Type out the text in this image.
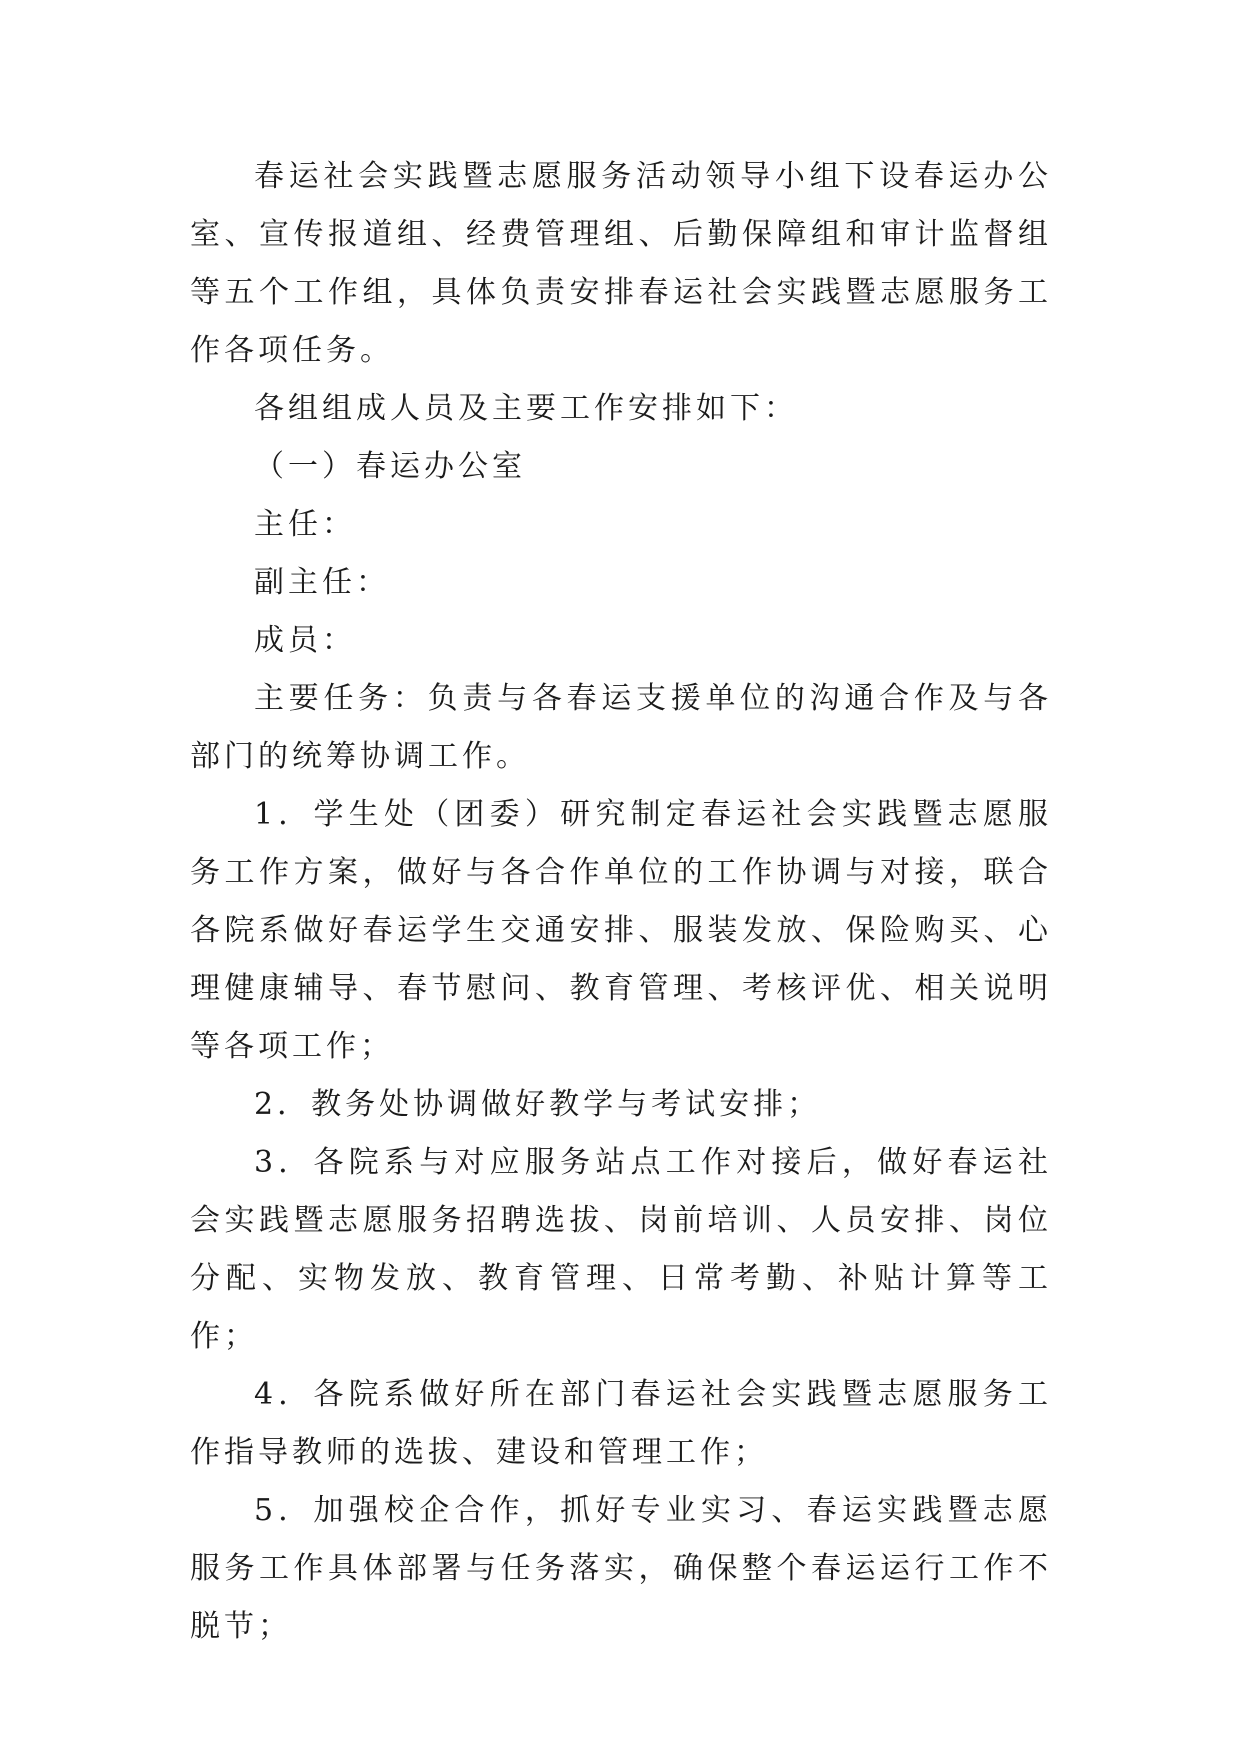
春运社会实践暨志愿服务活动领导小组下设春运办公室、宣传报道组、经费管理组、后勤保障组和审计监督组等五个工作组，具体负责安排春运社会实践暨志愿服务工作各项任务。

各组组成人员及主要工作安排如下：

（一）春运办公室

主任：

副主任：

成员：

主要任务：负责与各春运支援单位的沟通合作及与各部门的统筹协调工作。

1．学生处（团委）研究制定春运社会实践暨志愿服务工作方案，做好与各合作单位的工作协调与对接，联合各院系做好春运学生交通安排、服装发放、保险购买、心理健康辅导、春节慰问、教育管理、考核评优、相关说明等各项工作；

2．教务处协调做好教学与考试安排；

3．各院系与对应服务站点工作对接后，做好春运社会实践暨志愿服务招聘选拔、岗前培训、人员安排、岗位分配、实物发放、教育管理、日常考勤、补贴计算等工作；

4．各院系做好所在部门春运社会实践暨志愿服务工作指导教师的选拔、建设和管理工作；

5．加强校企合作，抓好专业实习、春运实践暨志愿服务工作具体部署与任务落实，确保整个春运运行工作不脱节；
